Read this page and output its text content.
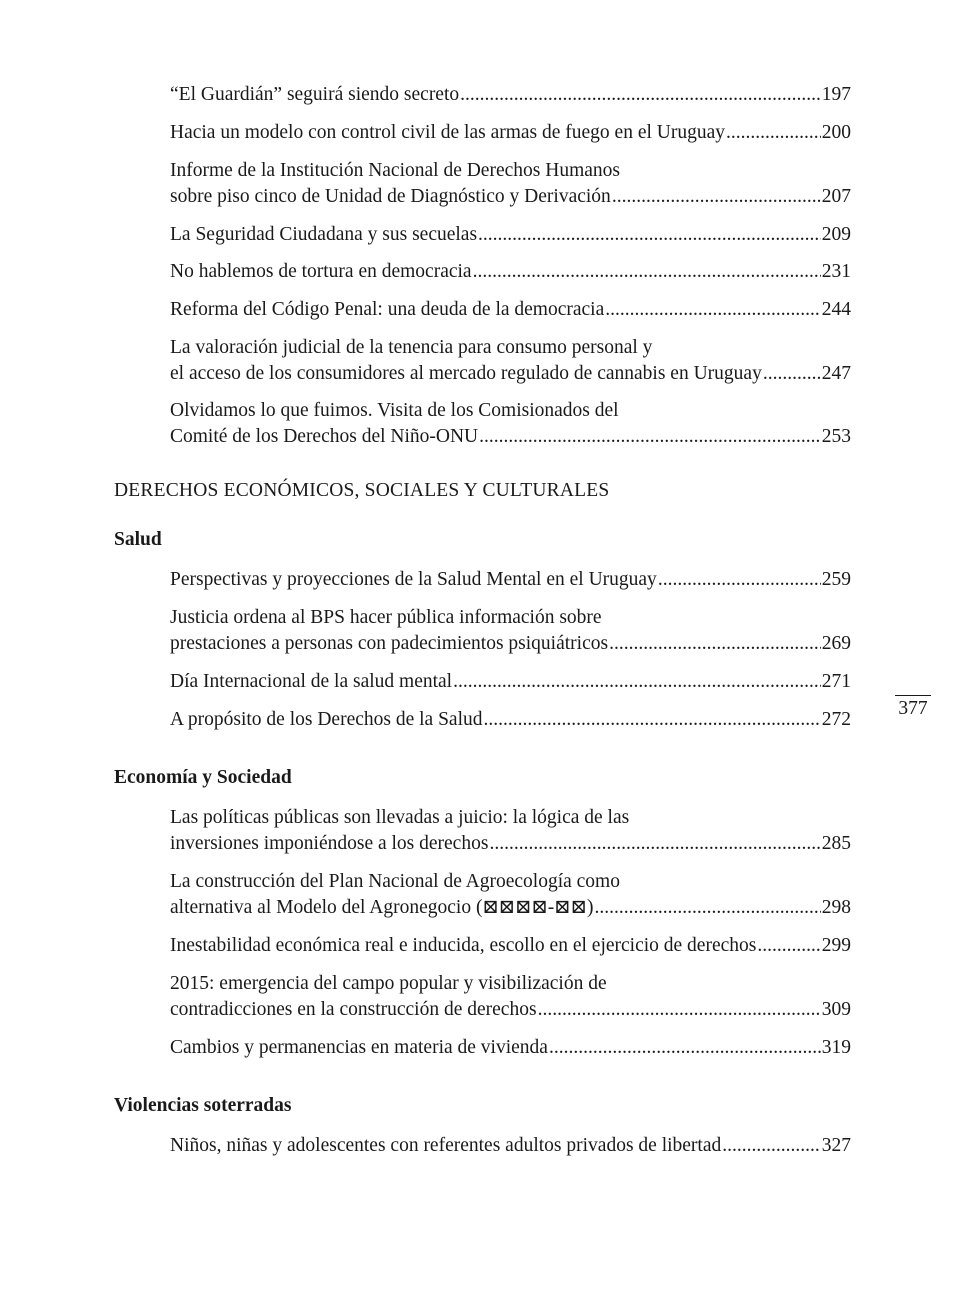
“El Guardián” seguirá siendo secreto .....	197
Hacia un modelo con control civil de las armas de fuego en el Uruguay .....	200
Informe de la Institución Nacional de Derechos Humanos
sobre piso cinco de Unidad de Diagnóstico y Derivación .....	207
La Seguridad Ciudadana y sus secuelas .....	209
No hablemos de tortura en democracia .....	231
Reforma del Código Penal: una deuda de la democracia .....	244
La valoración judicial de la tenencia para consumo personal y
el acceso de los consumidores al mercado regulado de cannabis en Uruguay .....	247
Olvidamos lo que fuimos. Visita de los Comisionados del
Comité de los Derechos del Niño-ONU .....	253
DERECHOS ECONÓMICOS, SOCIALES Y CULTURALES
Salud
Perspectivas y proyecciones de la Salud Mental en el Uruguay .....	259
Justicia ordena al BPS hacer pública información sobre
prestaciones a personas con padecimientos psiquiátricos .....	269
Día Internacional de la salud mental .....	271
A propósito de los Derechos de la Salud .....	272
377
Economía y Sociedad
Las políticas públicas son llevadas a juicio: la lógica de las
inversiones imponiéndose a los derechos .....	285
La construcción del Plan Nacional de Agroecología como
alternativa al Modelo del Agronegocio (⊠⊠⊠⊠-⊠⊠) .....	298
Inestabilidad económica real e inducida, escollo en el ejercicio de derechos .....	299
2015: emergencia del campo popular y visibilización de
contradicciones en la construcción de derechos .....	309
Cambios y permanencias en materia de vivienda .....	319
Violencias soterradas
Niños, niñas y adolescentes con referentes adultos privados de libertad .....	327
